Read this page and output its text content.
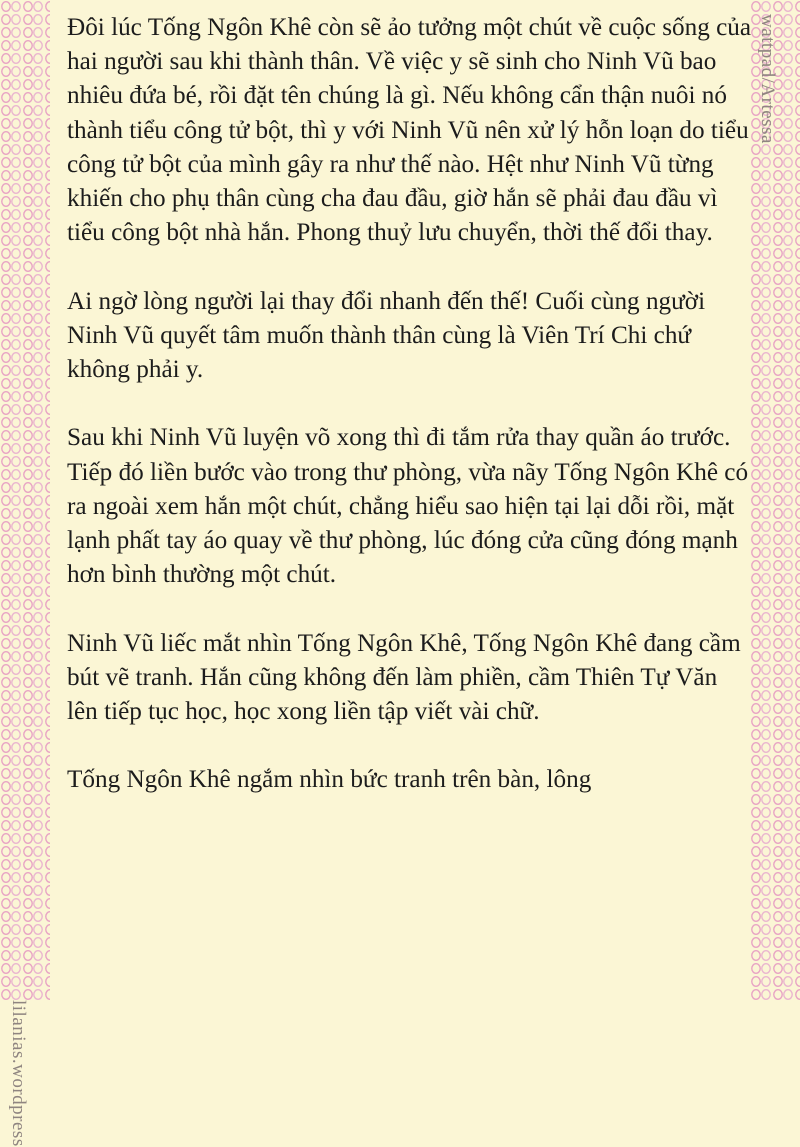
wattpad/Artessa
lilanias.wordpress

Đôi lúc Tống Ngôn Khê còn sẽ ảo tưởng một chút về cuộc sống của hai người sau khi thành thân. Về việc y sẽ sinh cho Ninh Vũ bao nhiêu đứa bé, rồi đặt tên chúng là gì. Nếu không cẩn thận nuôi nó thành tiểu công tử bột, thì y với Ninh Vũ nên xử lý hỗn loạn do tiểu công tử bột của mình gây ra như thế nào. Hệt như Ninh Vũ từng khiến cho phụ thân cùng cha đau đầu, giờ hắn sẽ phải đau đầu vì tiểu công bột nhà hắn. Phong thuỷ lưu chuyển, thời thế đổi thay.

Ai ngờ lòng người lại thay đổi nhanh đến thế! Cuối cùng người Ninh Vũ quyết tâm muốn thành thân cùng là Viên Trí Chi chứ không phải y.

Sau khi Ninh Vũ luyện võ xong thì đi tắm rửa thay quần áo trước. Tiếp đó liền bước vào trong thư phòng, vừa nãy Tống Ngôn Khê có ra ngoài xem hắn một chút, chẳng hiểu sao hiện tại lại dỗi rồi, mặt lạnh phất tay áo quay về thư phòng, lúc đóng cửa cũng đóng mạnh hơn bình thường một chút.

Ninh Vũ liếc mắt nhìn Tống Ngôn Khê, Tống Ngôn Khê đang cầm bút vẽ tranh. Hắn cũng không đến làm phiền, cầm Thiên Tự Văn lên tiếp tục học, học xong liền tập viết vài chữ.

Tống Ngôn Khê ngắm nhìn bức tranh trên bàn, lông
